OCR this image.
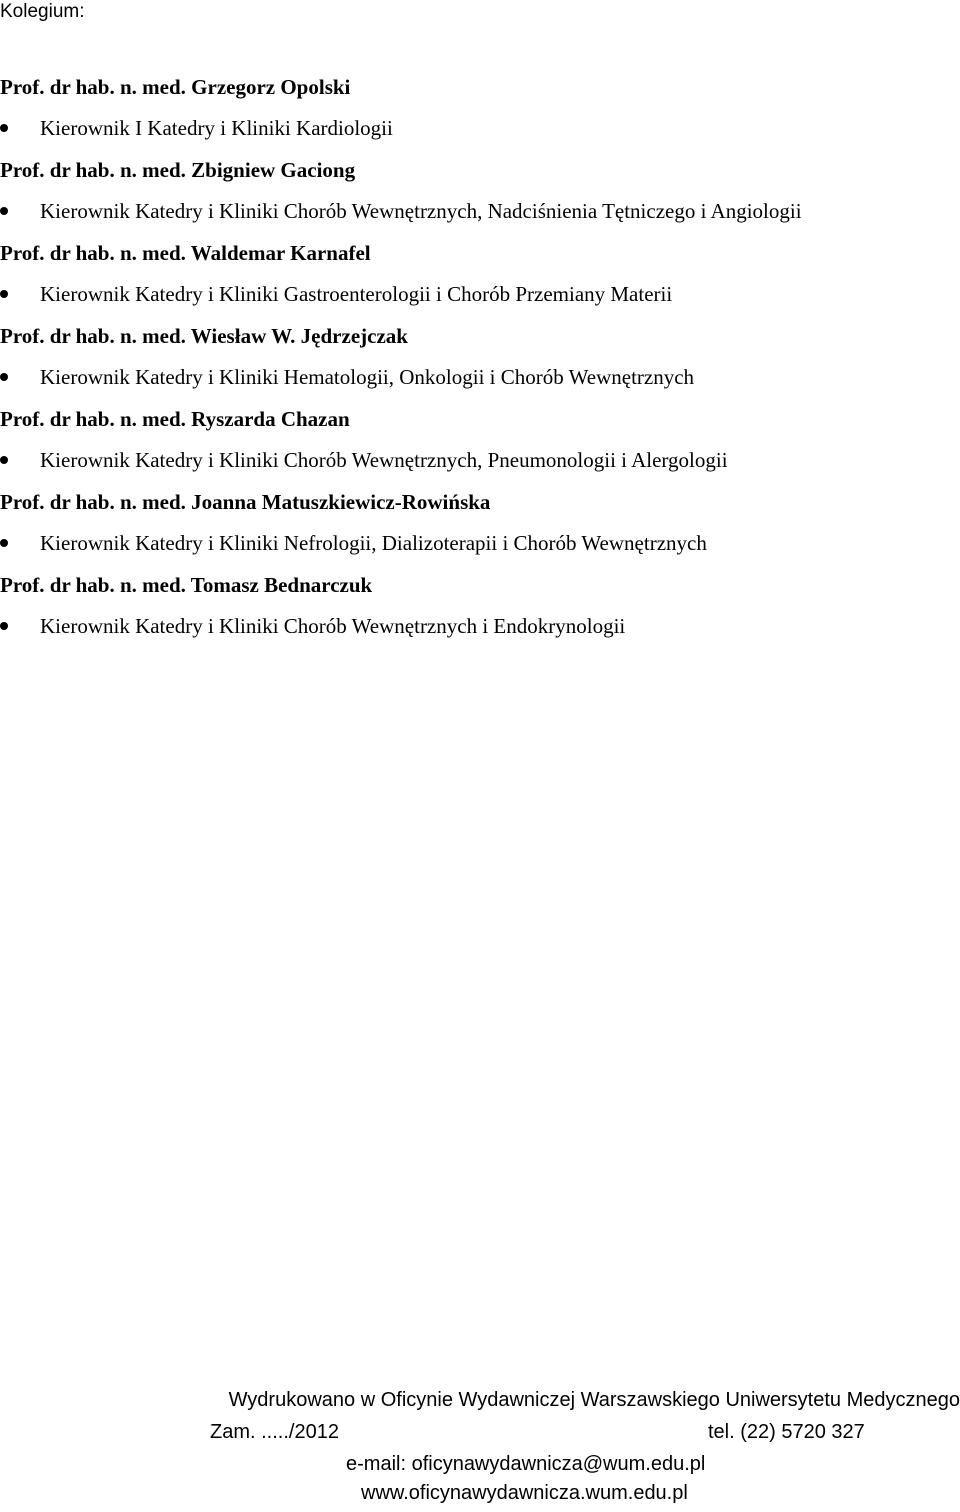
Kolegium:
Prof. dr hab. n. med. Grzegorz Opolski
Kierownik I Katedry i Kliniki Kardiologii
Prof. dr hab. n. med. Zbigniew Gaciong
Kierownik Katedry i Kliniki Chorób Wewnętrznych, Nadciśnienia Tętniczego i Angiologii
Prof. dr hab. n. med. Waldemar Karnafel
Kierownik Katedry i Kliniki Gastroenterologii i Chorób Przemiany Materii
Prof. dr hab. n. med. Wiesław W. Jędrzejczak
Kierownik Katedry i Kliniki Hematologii, Onkologii i Chorób Wewnętrznych
Prof. dr hab. n. med. Ryszarda Chazan
Kierownik Katedry i Kliniki Chorób Wewnętrznych, Pneumonologii i Alergologii
Prof. dr hab. n. med. Joanna Matuszkiewicz-Rowińska
Kierownik Katedry i Kliniki Nefrologii, Dializoterapii i Chorób Wewnętrznych
Prof. dr hab. n. med. Tomasz Bednarczuk
Kierownik Katedry i Kliniki Chorób Wewnętrznych i Endokrynologii
Wydrukowano w Oficynie Wydawniczej Warszawskiego Uniwersytetu Medycznego
Zam. ...../2012	tel. (22) 5720 327
e-mail: oficynawydawnicza@wum.edu.pl
www.oficynawydawnicza.wum.edu.pl
